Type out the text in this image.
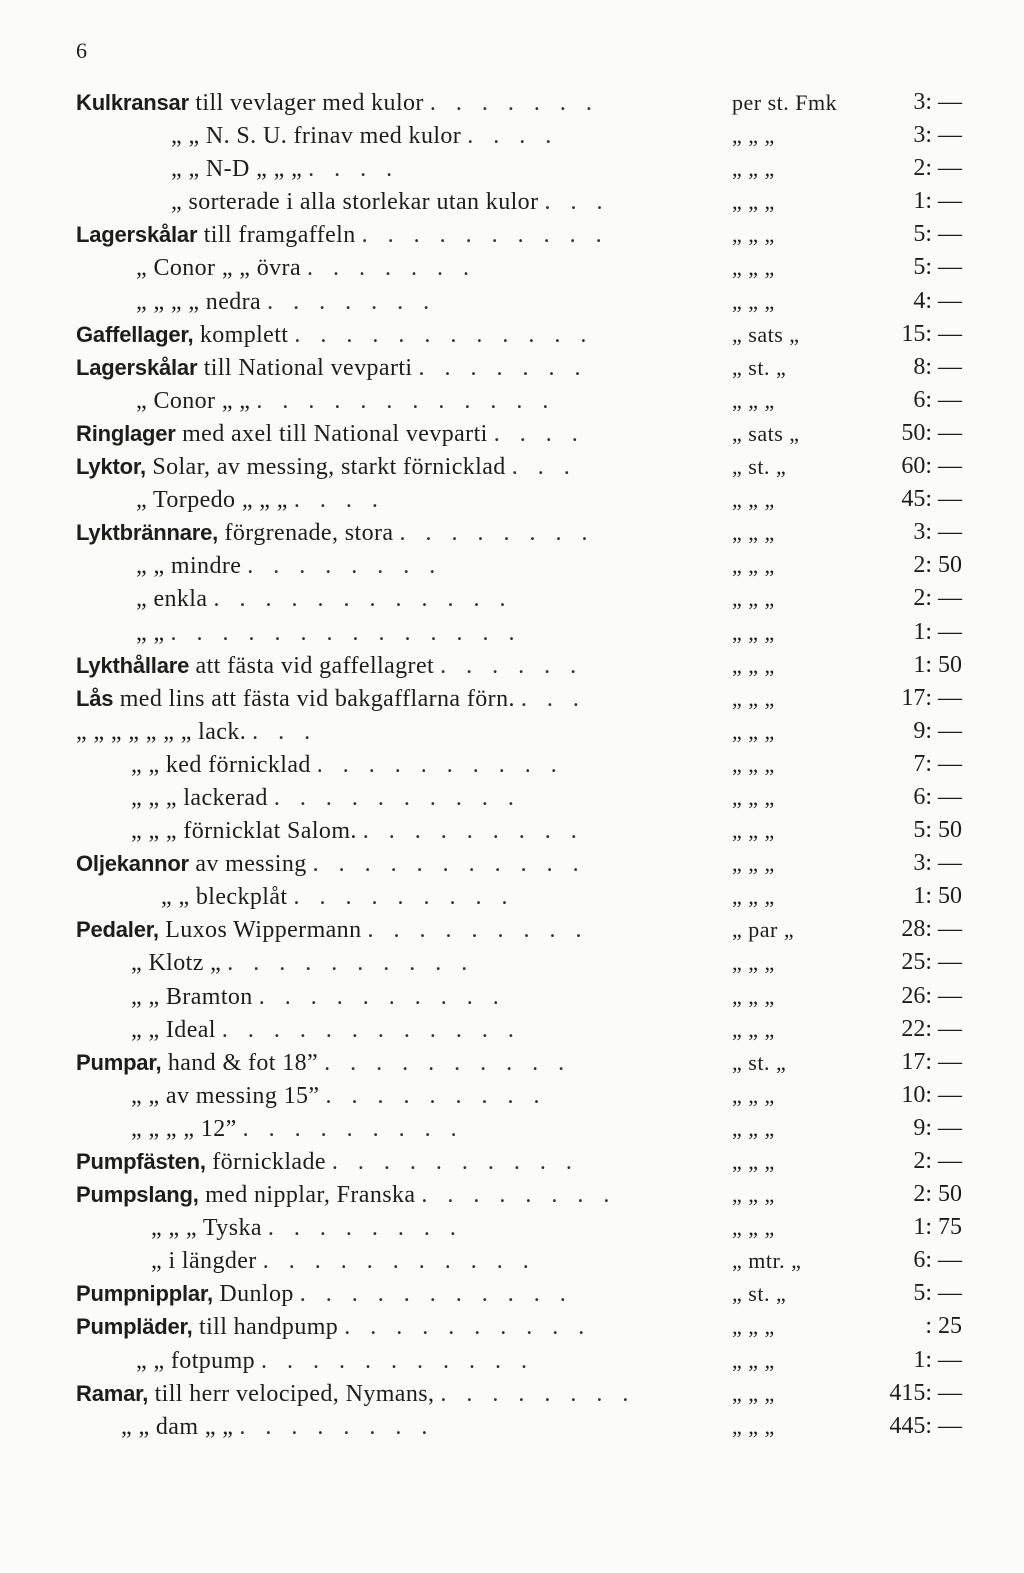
6
Kulkransar till vevlager med kulor . . . . . . .	per st. Fmk	3: —
„ „ N. S. U. frinav med kulor . . . .	„ „ „	3: —
„ „ N-D „ „ „ . . . .	„ „ „	2: —
„ sorterade i alla storlekar utan kulor . . .	„ „ „	1: —
Lagerskålar till framgaffeln . . . . . . . . . .	„ „ „	5: —
„ Conor „ „ övra . . . . . . .	„ „ „	5: —
„ „ „ „ nedra . . . . . . .	„ „ „	4: —
Gaffellager, komplett . . . . . . . . . . . .	„ sats „	15: —
Lagerskålar till National vevparti . . . . . . .	„ st. „	8: —
„ Conor „ „ . . . . . . . . . . . .	„ „ „	6: —
Ringlager med axel till National vevparti . . . .	„ sats „	50: —
Lyktor, Solar, av messing, starkt förnicklad . . .	„ st. „	60: —
„ Torpedo „ „ „ . . . .	„ „ „	45: —
Lyktbrännare, förgrenade, stora . . . . . . . .	„ „ „	3: —
„ „ mindre . . . . . . . .	„ „ „	2: 50
„ enkla . . . . . . . . . . . .	„ „ „	2: —
„ „ . . . . . . . . . . . . . .	„ „ „	1: —
Lykthållare att fästa vid gaffellagret . . . . . .	„ „ „	1: 50
Lås med lins att fästa vid bakgafflarna förn. . . .	„ „ „	17: —
„ „ „ „ „ „ „ lack. . . .	„ „ „	9: —
„ „ ked förnicklad . . . . . . . . . .	„ „ „	7: —
„ „ „ lackerad . . . . . . . . . .	„ „ „	6: —
„ „ „ förnicklat Salom. . . . . . . . . .	„ „ „	5: 50
Oljekannor av messing . . . . . . . . . . .	„ „ „	3: —
„ „ bleckplåt . . . . . . . . .	„ „ „	1: 50
Pedaler, Luxos Wippermann . . . . . . . . .	„ par „	28: —
„ Klotz „ . . . . . . . . . .	„ „ „	25: —
„ „ Bramton . . . . . . . . . .	„ „ „	26: —
„ „ Ideal . . . . . . . . . . . .	„ „ „	22: —
Pumpar, hand & fot 18” . . . . . . . . . .	„ st. „	17: —
„ „ av messing 15” . . . . . . . . .	„ „ „	10: —
„ „ „ „ 12” . . . . . . . . .	„ „ „	9: —
Pumpfästen, förnicklade . . . . . . . . . .	„ „ „	2: —
Pumpslang, med nipplar, Franska . . . . . . . .	„ „ „	2: 50
„ „ „ Tyska . . . . . . . .	„ „ „	1: 75
„ i längder . . . . . . . . . . .	„ mtr. „	6: —
Pumpnipplar, Dunlop . . . . . . . . . . .	„ st. „	5: —
Pumpläder, till handpump . . . . . . . . . .	„ „ „	: 25
„ „ fotpump . . . . . . . . . . .	„ „ „	1: —
Ramar, till herr velociped, Nymans, . . . . . . . .	„ „ „	415: —
„ „ dam „ „ . . . . . . . .	„ „ „	445: —
